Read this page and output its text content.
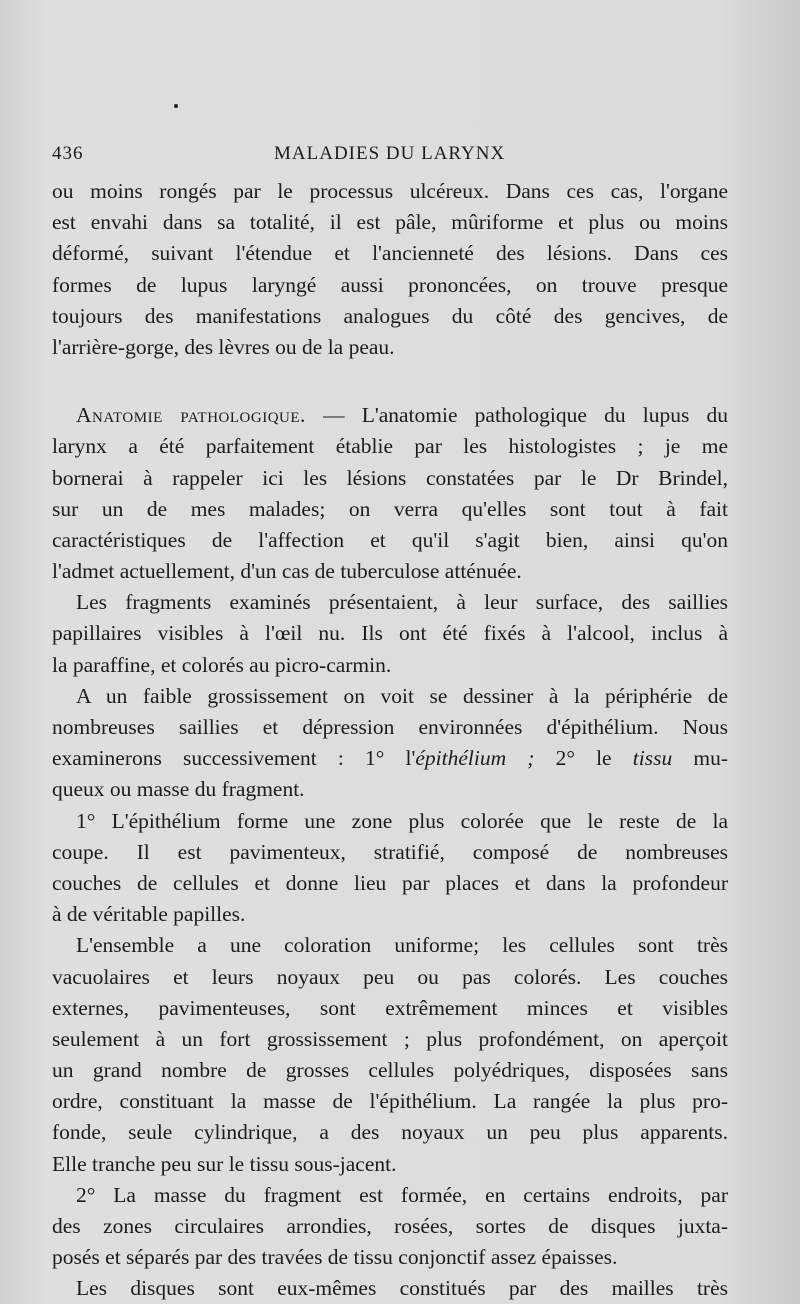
436	MALADIES DU LARYNX
ou moins rongés par le processus ulcéreux. Dans ces cas, l'organe
est envahi dans sa totalité, il est pâle, mûriforme et plus ou moins
déformé, suivant l'étendue et l'ancienneté des lésions. Dans ces
formes de lupus laryngé aussi prononcées, on trouve presque
toujours des manifestations analogues du côté des gencives, de
l'arrière-gorge, des lèvres ou de la peau.
Anatomie pathologique. — L'anatomie pathologique du lupus du
larynx a été parfaitement établie par les histologistes ; je me
bornerai à rappeler ici les lésions constatées par le Dr Brindel,
sur un de mes malades; on verra qu'elles sont tout à fait
caractéristiques de l'affection et qu'il s'agit bien, ainsi qu'on
l'admet actuellement, d'un cas de tuberculose atténuée.
Les fragments examinés présentaient, à leur surface, des saillies
papillaires visibles à l'œil nu. Ils ont été fixés à l'alcool, inclus à
la paraffine, et colorés au picro-carmin.
A un faible grossissement on voit se dessiner à la périphérie de
nombreuses saillies et dépression environnées d'épithélium. Nous
examinerons successivement : 1° l'épithélium ; 2° le tissu mu-
queux ou masse du fragment.
1° L'épithélium forme une zone plus colorée que le reste de la
coupe. Il est pavimenteux, stratifié, composé de nombreuses
couches de cellules et donne lieu par places et dans la profondeur
à de véritable papilles.
L'ensemble a une coloration uniforme; les cellules sont très
vacuolaires et leurs noyaux peu ou pas colorés. Les couches
externes, pavimenteuses, sont extrêmement minces et visibles
seulement à un fort grossissement ; plus profondément, on aperçoit
un grand nombre de grosses cellules polyédriques, disposées sans
ordre, constituant la masse de l'épithélium. La rangée la plus pro-
fonde, seule cylindrique, a des noyaux un peu plus apparents.
Elle tranche peu sur le tissu sous-jacent.
2° La masse du fragment est formée, en certains endroits, par
des zones circulaires arrondies, rosées, sortes de disques juxta-
posés et séparés par des travées de tissu conjonctif assez épaisses.
Les disques sont eux-mêmes constitués par des mailles très
